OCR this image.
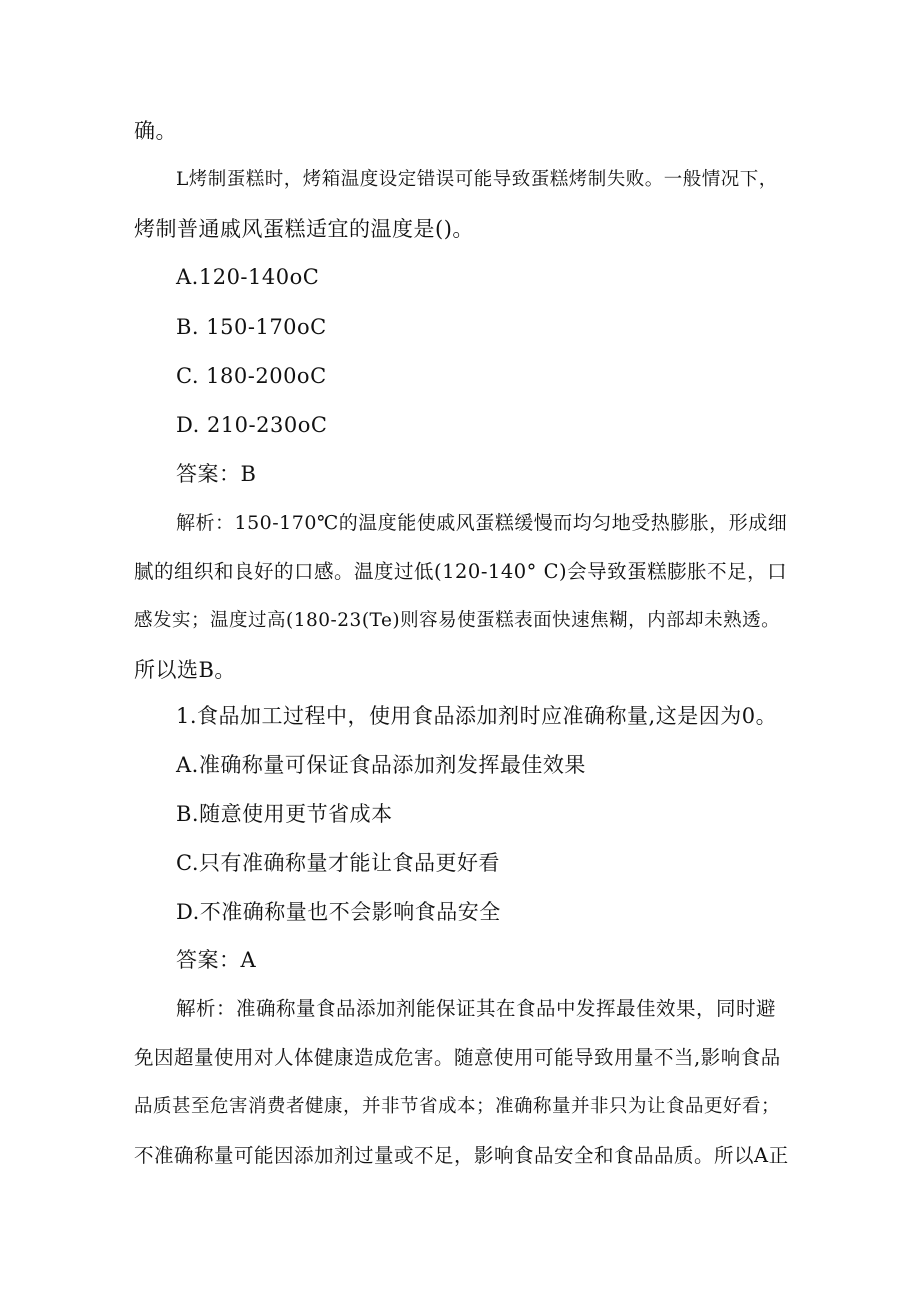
确。
L烤制蛋糕时，烤箱温度设定错误可能导致蛋糕烤制失败。一般情况下，
烤制普通戚风蛋糕适宜的温度是()。
A.120-140oC
B. 150-170oC
C. 180-200oC
D. 210-230oC
答案：B
解析：150-170℃的温度能使戚风蛋糕缓慢而均匀地受热膨胀，形成细
腻的组织和良好的口感。温度过低(120-140° C)会导致蛋糕膨胀不足，口
感发实；温度过高(180-23(Te)则容易使蛋糕表面快速焦糊，内部却未熟透。
所以选B。
1.食品加工过程中，使用食品添加剂时应准确称量,这是因为0。
A.准确称量可保证食品添加剂发挥最佳效果
B.随意使用更节省成本
C.只有准确称量才能让食品更好看
D.不准确称量也不会影响食品安全
答案：A
解析：准确称量食品添加剂能保证其在食品中发挥最佳效果，同时避
免因超量使用对人体健康造成危害。随意使用可能导致用量不当,影响食品
品质甚至危害消费者健康，并非节省成本；准确称量并非只为让食品更好看；
不准确称量可能因添加剂过量或不足，影响食品安全和食品品质。所以A正
